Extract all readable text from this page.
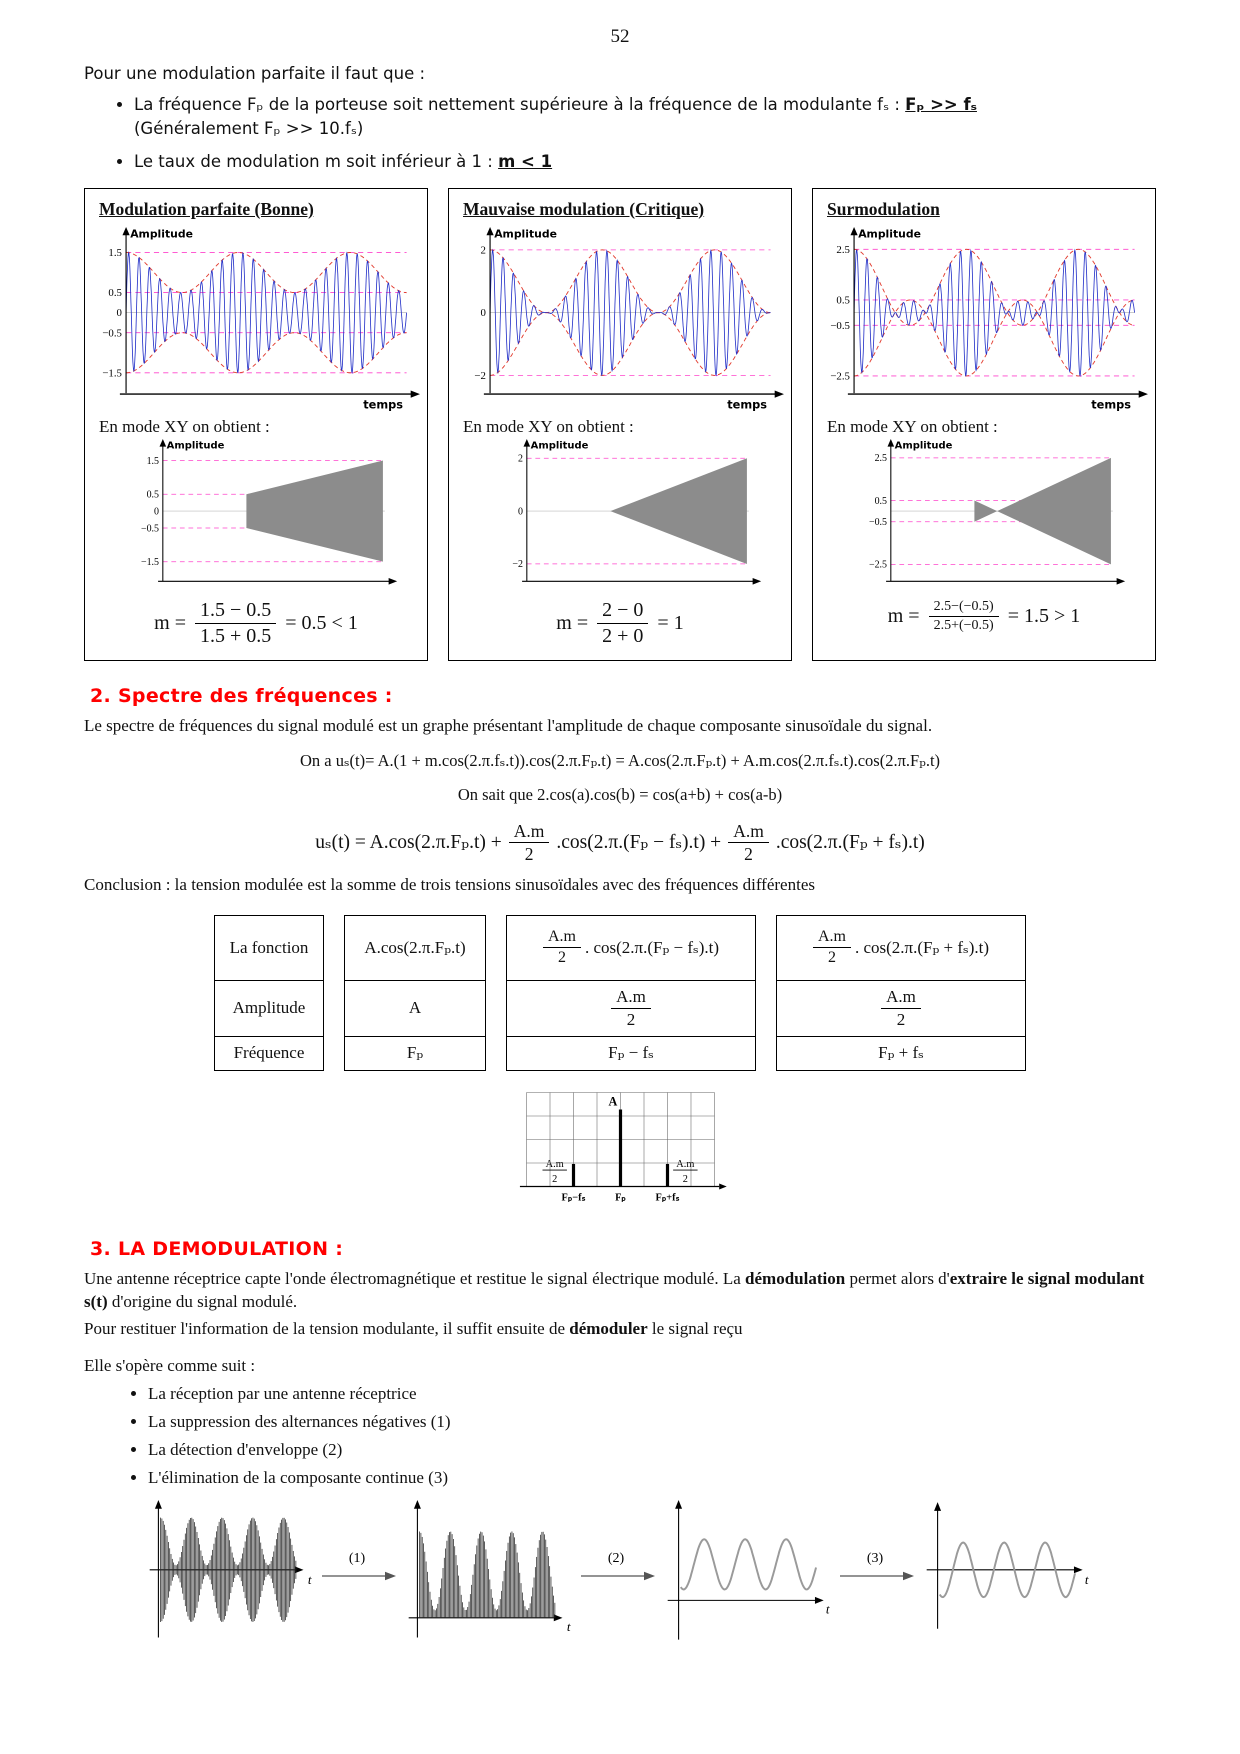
52

Pour une modulation parfaite il faut que :

• La fréquence Fₚ de la porteuse soit nettement supérieure à la fréquence de la modulante fₛ : Fₚ >> fₛ
(Généralement Fₚ >> 10.fₛ)
• Le taux de modulation m soit inférieur à 1 : m < 1
Modulation parfaite (Bonne)
Amplitude
temps
1.5
0.5
0
−0.5
−1.5
En mode XY on obtient :
Amplitude
1.5
0.5
0
−0.5
−1.5
$m = \frac{1.5 - 0.5}{1.5 + 0.5} = 0.5 < 1$
Mauvaise modulation (Critique)
Amplitude
temps
2
0
−2
En mode XY on obtient :
Amplitude
2
0
−2
$m = \frac{2 - 0}{2 + 0} = 1$
Surmodulation
Amplitude
temps
2.5
0.5
−0.5
−2.5
En mode XY on obtient :
Amplitude
2.5
0.5
−0.5
−2.5
$m = \frac{2.5-(-0.5)}{2.5+(-0.5)} = 1.5 > 1$
2. Spectre des fréquences :

Le spectre de fréquences du signal modulé est un graphe présentant l'amplitude de chaque composante sinusoïdale du signal.

On a uₛ(t)= A.(1 + m.cos(2.π.fₛ.t)).cos(2.π.Fₚ.t) = A.cos(2.π.Fₚ.t) + A.m.cos(2.π.fₛ.t).cos(2.π.Fₚ.t)

On sait que 2.cos(a).cos(b) = cos(a+b) + cos(a-b)

$u_s(t) = A.\cos(2.\pi.F_p.t) + \frac{A.m}{2} .\cos(2.\pi.(F_p - f_s).t) + \frac{A.m}{2} .\cos(2.\pi.(F_p + f_s).t)$

Conclusion : la tension modulée est la somme de trois tensions sinusoïdales avec des fréquences différentes

La fonction
Amplitude
Fréquence
A.cos(2.π.Fₚ.t)
A
Fₚ
$\frac{A.m}{2}$ . cos(2.π.(Fₚ − fₛ).t)
$\frac{A.m}{2}$
Fₚ − fₛ
$\frac{A.m}{2}$ . cos(2.π.(Fₚ + fₛ).t)
$\frac{A.m}{2}$
Fₚ + fₛ
A
A.m
2
A.m
2
Fₚ−fₛ	Fₚ	Fₚ+fₛ
3. LA DEMODULATION :

Une antenne réceptrice capte l'onde électromagnétique et restitue le signal électrique modulé. La démodulation permet alors d'extraire le signal modulant s(t) d'origine du signal modulé.

Pour restituer l'information de la tension modulante, il suffit ensuite de démoduler le signal reçu

Elle s'opère comme suit :

• La réception par une antenne réceptrice
• La suppression des alternances négatives (1)
• La détection d'enveloppe (2)
• L'élimination de la composante continue (3)
t
(1)
t
(2)
t
(3)
t
